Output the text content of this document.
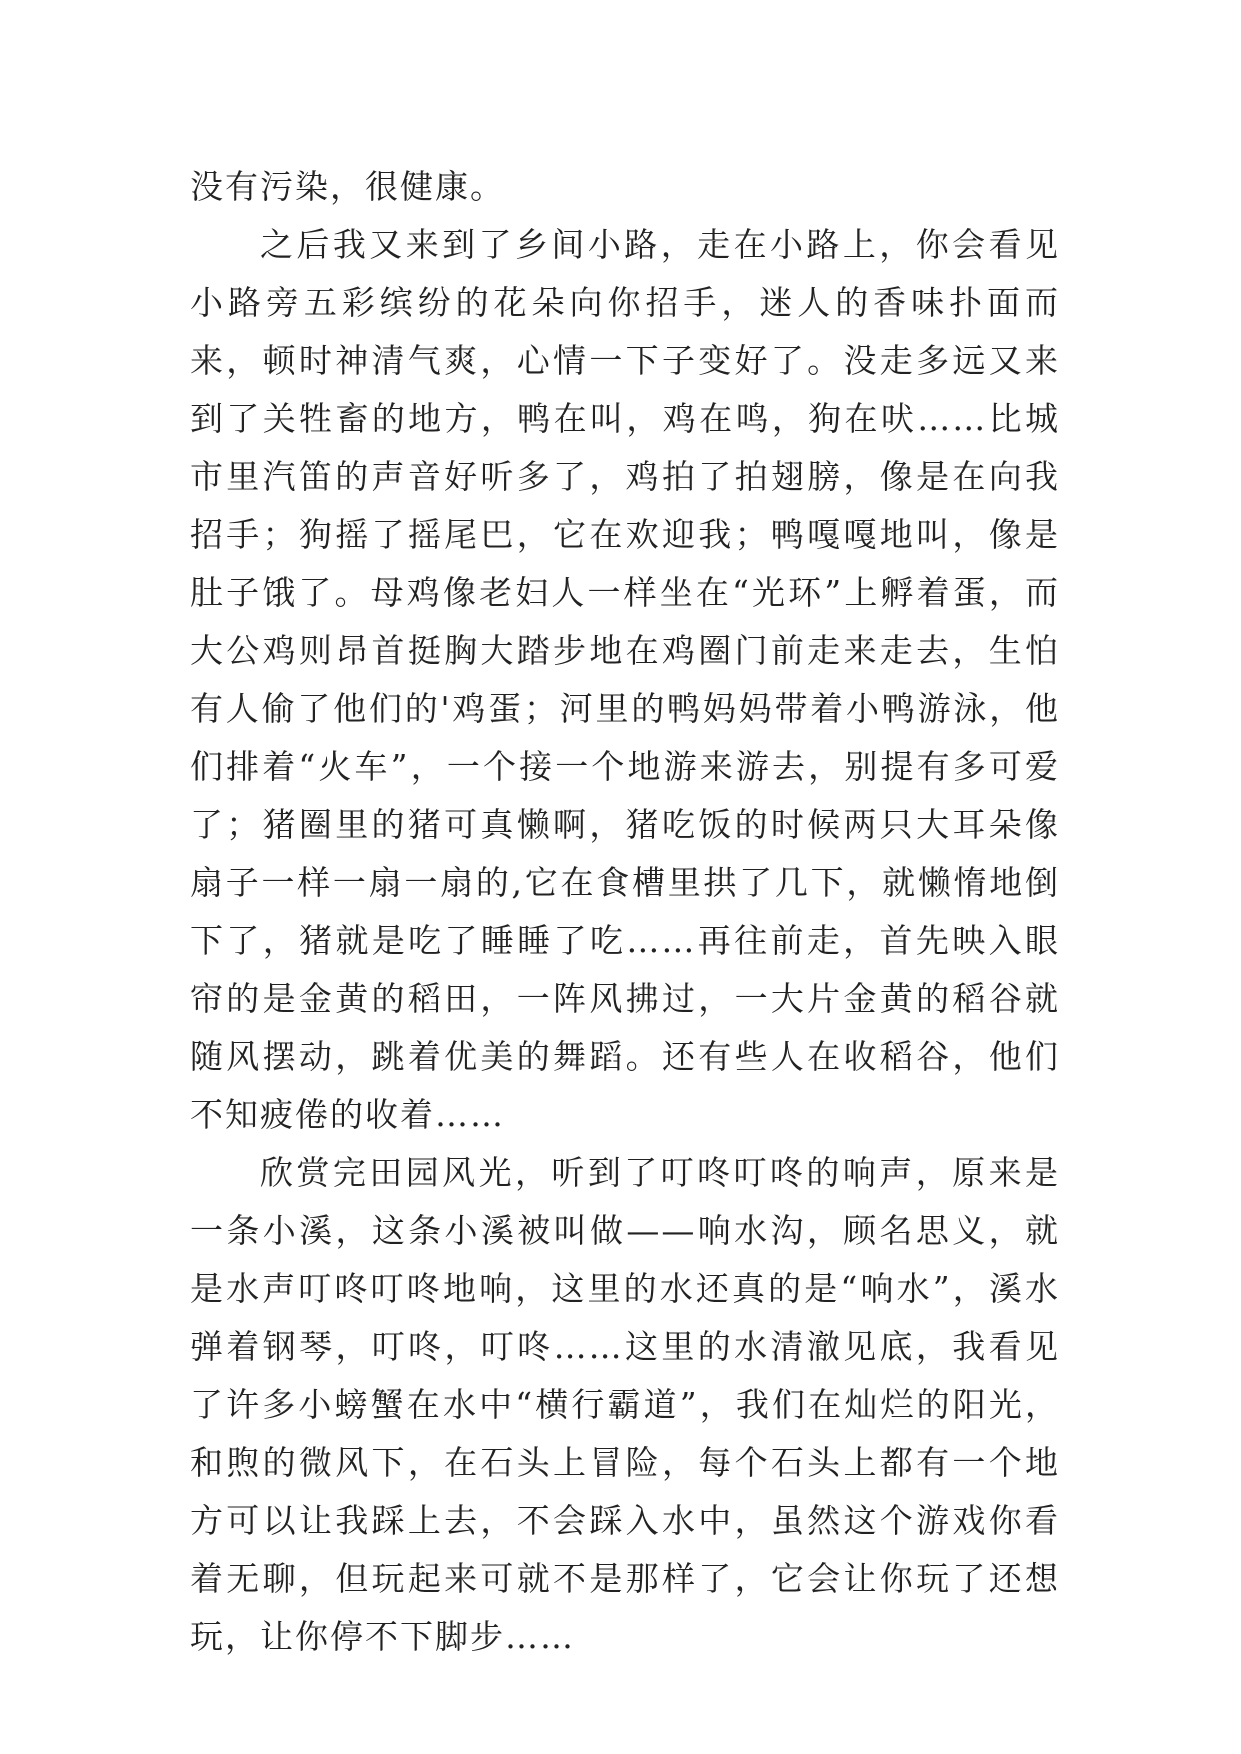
没有污染，很健康。

之后我又来到了乡间小路，走在小路上，你会看见小路旁五彩缤纷的花朵向你招手，迷人的香味扑面而来，顿时神清气爽，心情一下子变好了。没走多远又来到了关牲畜的地方，鸭在叫，鸡在鸣，狗在吠……比城市里汽笛的声音好听多了，鸡拍了拍翅膀，像是在向我招手；狗摇了摇尾巴，它在欢迎我；鸭嘎嘎地叫，像是肚子饿了。母鸡像老妇人一样坐在“光环”上孵着蛋，而大公鸡则昂首挺胸大踏步地在鸡圈门前走来走去，生怕有人偷了他们的'鸡蛋；河里的鸭妈妈带着小鸭游泳，他们排着“火车”，一个接一个地游来游去，别提有多可爱了；猪圈里的猪可真懒啊，猪吃饭的时候两只大耳朵像扇子一样一扇一扇的,它在食槽里拱了几下，就懒惰地倒下了，猪就是吃了睡睡了吃……再往前走，首先映入眼帘的是金黄的稻田，一阵风拂过，一大片金黄的稻谷就随风摆动，跳着优美的舞蹈。还有些人在收稻谷，他们不知疲倦的收着……

欣赏完田园风光，听到了叮咚叮咚的响声，原来是一条小溪，这条小溪被叫做——响水沟，顾名思义，就是水声叮咚叮咚地响，这里的水还真的是“响水”，溪水弹着钢琴，叮咚，叮咚……这里的水清澈见底，我看见了许多小螃蟹在水中“横行霸道”，我们在灿烂的阳光，和煦的微风下，在石头上冒险，每个石头上都有一个地方可以让我踩上去，不会踩入水中，虽然这个游戏你看着无聊，但玩起来可就不是那样了，它会让你玩了还想玩，让你停不下脚步……
